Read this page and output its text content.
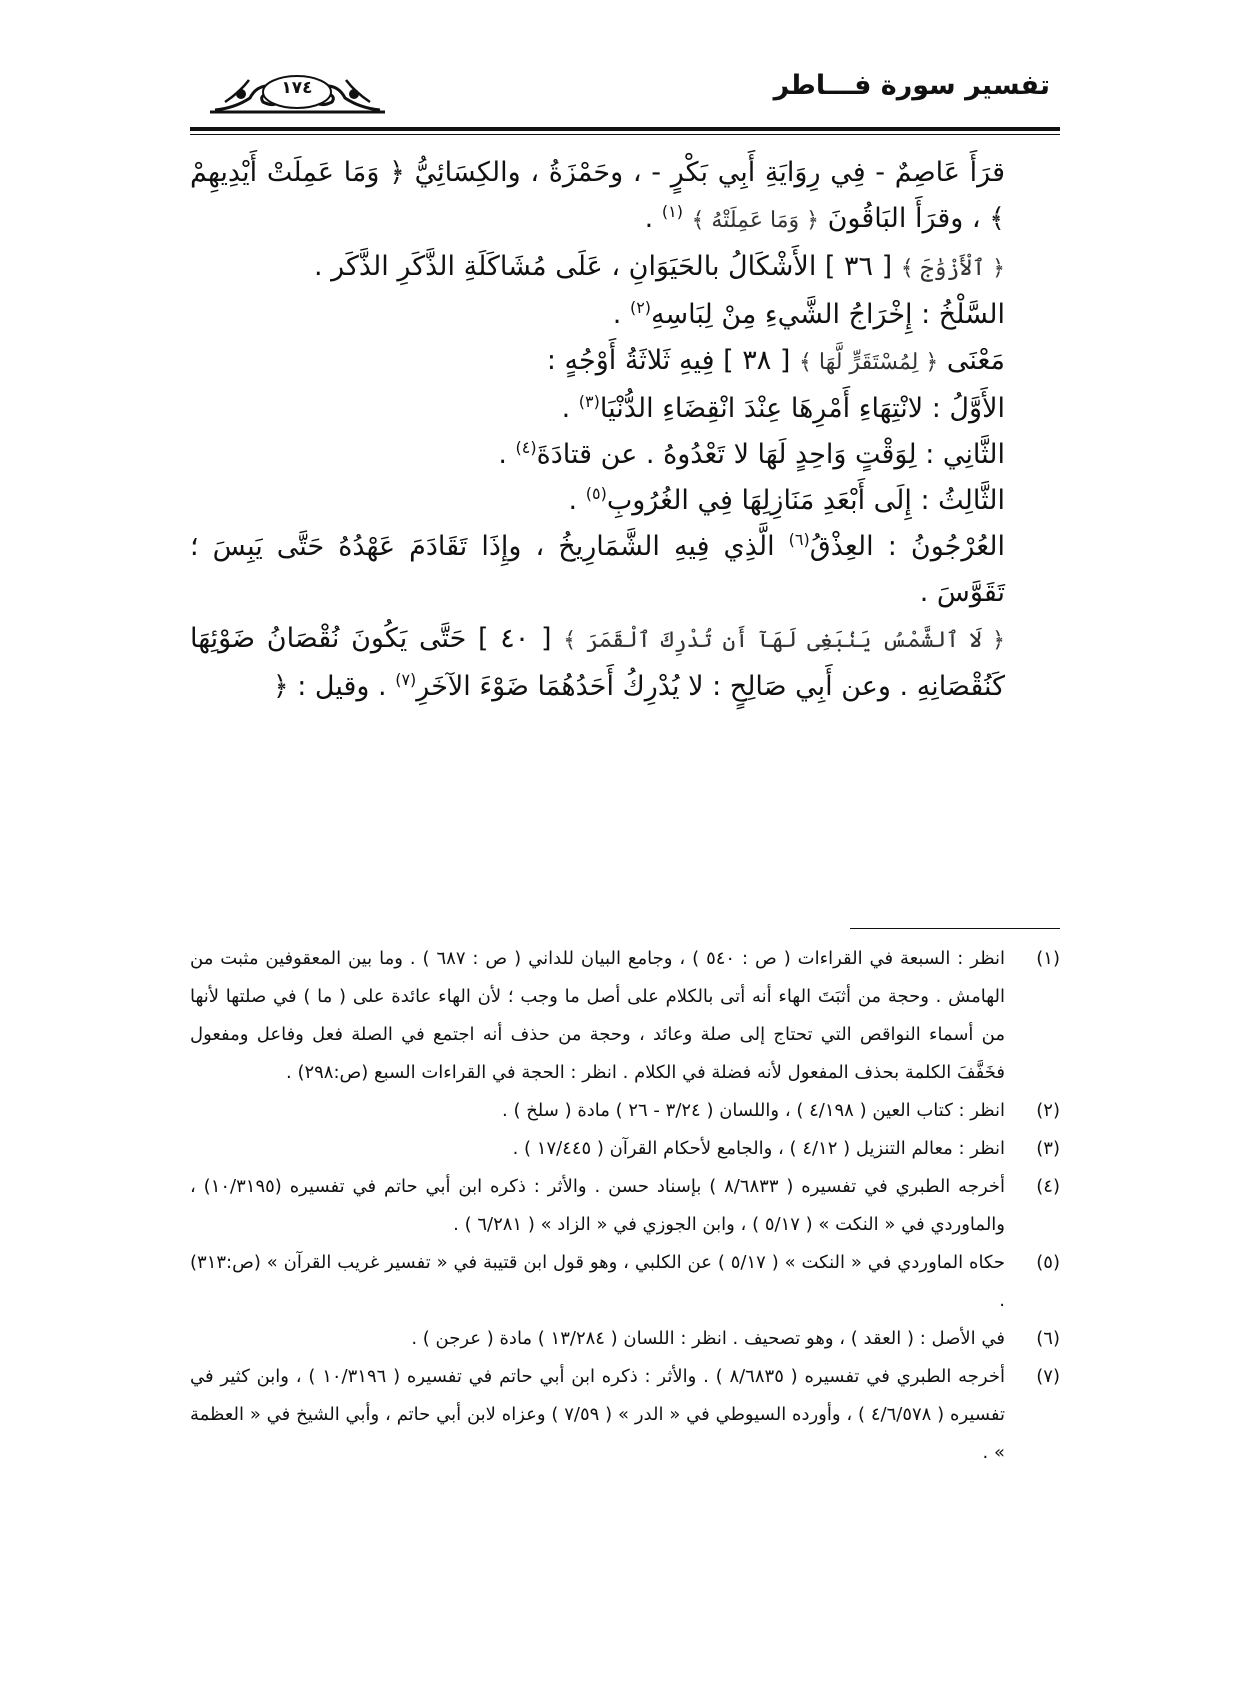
تفسير سورة فـــاطر
١٧٤

قرَأَ عَاصِمٌ - فِي رِوَايَةِ أَبِي بَكْرٍ - ، وحَمْزَةُ ، والكِسَائِيُّ ﴿ وَمَا عَمِلَتْ أَيْدِيهِمْ ﴾ ، وقرَأَ البَاقُونَ ﴿ وَمَا عَمِلَتْهُ ﴾ $^{(١)}$ .

﴿ ٱلْأَزْوَٰجَ ﴾ [ ٣٦ ] الأَشْكَالُ بالحَيَوَانِ ، عَلَى مُشَاكَلَةِ الذَّكَرِ الذَّكَر .

السَّلْخُ : إِخْرَاجُ الشَّيءِ مِنْ لِبَاسِهِ$^{(٢)}$ .

مَعْنَى ﴿ لِمُسْتَقَرٍّ لَّهَا ﴾ [ ٣٨ ] فِيهِ ثَلاثَةُ أَوْجُهٍ :

الأَوَّلُ : لانْتِهَاءِ أَمْرِهَا عِنْدَ انْقِضَاءِ الدُّنْيَا$^{(٣)}$ .

الثَّانِي : لِوَقْتٍ وَاحِدٍ لَهَا لا تَعْدُوهُ . عن قتادَةَ$^{(٤)}$ .

الثَّالِثُ : إِلَى أَبْعَدِ مَنَازِلِهَا فِي الغُرُوبِ$^{(٥)}$ .

العُرْجُونُ : العِذْقُ$^{(٦)}$ الَّذِي فِيهِ الشَّمَارِيخُ ، وإِذَا تَقَادَمَ عَهْدُهُ حَتَّى يَبِسَ ؛ تَقَوَّسَ .

﴿ لَا ٱلشَّمْسُ يَنۢبَغِى لَهَآ أَن تُدْرِكَ ٱلْقَمَرَ ﴾ [ ٤٠ ] حَتَّى يَكُونَ نُقْصَانُ ضَوْئِهَا كَنُقْصَانِهِ . وعن أَبِي صَالِحٍ : لا يُدْرِكُ أَحَدُهُمَا ضَوْءَ الآخَرِ$^{(٧)}$ . وقيل : ﴿

(١)
انظر : السبعة في القراءات ( ص : ٥٤٠ ) ، وجامع البيان للداني ( ص : ٦٨٧ ) . وما بين المعقوفين مثبت من الهامش . وحجة من أثبَتَ الهاء أنه أتى بالكلام على أصل ما وجب ؛ لأن الهاء عائدة على ( ما ) في صلتها لأنها من أسماء النواقص التي تحتاج إلى صلة وعائد ، وحجة من حذف أنه اجتمع في الصلة فعل وفاعل ومفعول فخَفَّفَ الكلمة بحذف المفعول لأنه فضلة في الكلام . انظر : الحجة في القراءات السبع (ص:٢٩٨) .

(٢)
انظر : كتاب العين ( ٤/١٩٨ ) ، واللسان ( ٣/٢٤ - ٢٦ ) مادة ( سلخ ) .

(٣)
انظر : معالم التنزيل ( ٤/١٢ ) ، والجامع لأحكام القرآن ( ١٧/٤٤٥ ) .

(٤)
أخرجه الطبري في تفسيره ( ٨/٦٨٣٣ ) بإسناد حسن . والأثر : ذكره ابن أبي حاتم في تفسيره (١٠/٣١٩٥) ، والماوردي في « النكت » ( ٥/١٧ ) ، وابن الجوزي في « الزاد » ( ٦/٢٨١ ) .

(٥)
حكاه الماوردي في « النكت » ( ٥/١٧ ) عن الكلبي ، وهو قول ابن قتيبة في « تفسير غريب القرآن » (ص:٣١٣) .

(٦)
في الأصل : ( العقد ) ، وهو تصحيف . انظر : اللسان ( ١٣/٢٨٤ ) مادة ( عرجن ) .

(٧)
أخرجه الطبري في تفسيره ( ٨/٦٨٣٥ ) . والأثر : ذكره ابن أبي حاتم في تفسيره ( ١٠/٣١٩٦ ) ، وابن كثير في تفسيره ( ٤/٦/٥٧٨ ) ، وأورده السيوطي في « الدر » ( ٧/٥٩ ) وعزاه لابن أبي حاتم ، وأبي الشيخ في « العظمة » .
